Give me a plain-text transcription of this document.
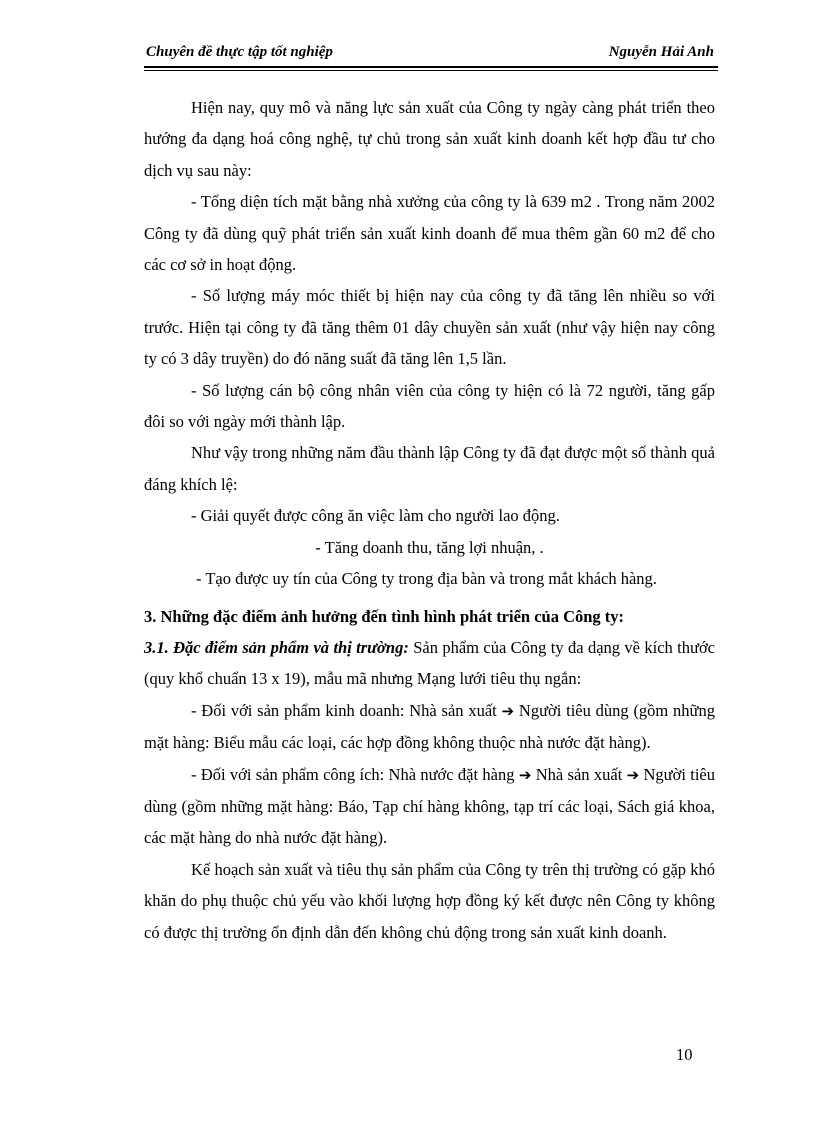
Chuyên đề thực tập tốt nghiệp	Nguyễn Hải Anh

Hiện nay, quy mô và năng lực sản xuất của Công ty ngày càng phát triển theo hướng đa dạng hoá công nghệ, tự chủ trong sản xuất kinh doanh kết hợp đầu tư cho dịch vụ sau này:

- Tổng diện tích mặt bằng nhà xưởng của công ty là 639 m2 . Trong năm 2002 Công ty đã dùng quỹ phát triển sản xuất kinh doanh để mua thêm gần 60 m2 để cho các cơ sở in hoạt động.

- Số lượng máy móc thiết bị hiện nay của công ty đã tăng lên nhiều so với trước. Hiện tại công ty đã tăng thêm 01 dây chuyền sản xuất (như vậy hiện nay công ty có 3 dây truyền) do đó năng suất đã tăng lên 1,5 lần.

- Số lượng cán bộ công nhân viên của công ty hiện có là 72 người, tăng gấp đôi so với ngày mới thành lập.

Như vậy trong những năm đầu thành lập Công ty đã đạt được một số thành quả đáng khích lệ:

- Giải quyết được công ăn việc làm cho người lao động.

- Tăng doanh thu, tăng lợi nhuận, .

- Tạo được uy tín của Công ty trong địa bàn và trong mắt khách hàng.

3. Những đặc điểm ảnh hưởng đến tình hình phát triển của Công ty:

3.1. Đặc điểm sản phẩm và thị trường: Sản phẩm của Công ty đa dạng về kích thước (quy khổ chuẩn 13 x 19), mẫu mã nhưng Mạng lưới tiêu thụ ngắn:

- Đối với sản phẩm kinh doanh: Nhà sản xuất ➔ Người tiêu dùng (gồm những mặt hàng: Biểu mẫu các loại, các hợp đồng không thuộc nhà nước đặt hàng).

- Đối với sản phẩm công ích: Nhà nước đặt hàng ➔ Nhà sản xuất ➔ Người tiêu dùng (gồm những mặt hàng: Báo, Tạp chí hàng không, tạp trí các loại, Sách giá khoa, các mặt hàng do nhà nước đặt hàng).

Kế hoạch sản xuất và tiêu thụ sản phẩm của Công ty trên thị trường có gặp khó khăn do phụ thuộc chủ yếu vào khối lượng hợp đồng ký kết được nên Công ty không có được thị trường ổn định dẫn đến không chủ động trong sản xuất kinh doanh.

10
